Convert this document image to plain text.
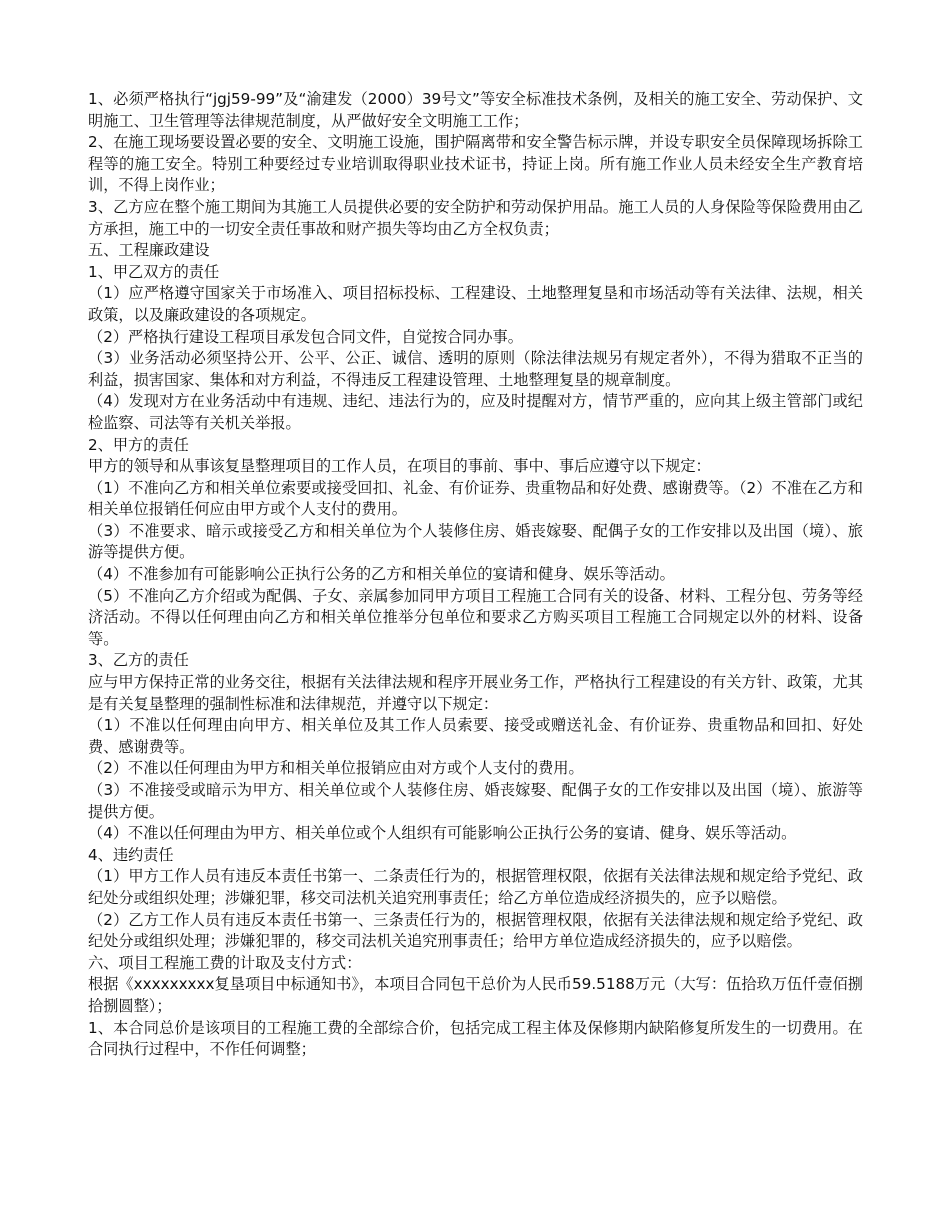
1、必须严格执行“jgj59-99”及“渝建发（2000）39号文”等安全标准技术条例，及相关的施工安全、劳动保护、文明施工、卫生管理等法律规范制度，从严做好安全文明施工工作；

2、在施工现场要设置必要的安全、文明施工设施，围护隔离带和安全警告标示牌，并设专职安全员保障现场拆除工程等的施工安全。特别工种要经过专业培训取得职业技术证书，持证上岗。所有施工作业人员未经安全生产教育培训，不得上岗作业；

3、乙方应在整个施工期间为其施工人员提供必要的安全防护和劳动保护用品。施工人员的人身保险等保险费用由乙方承担，施工中的一切安全责任事故和财产损失等均由乙方全权负责；

五、工程廉政建设

1、甲乙双方的责任

（1）应严格遵守国家关于市场准入、项目招标投标、工程建设、土地整理复垦和市场活动等有关法律、法规，相关政策，以及廉政建设的各项规定。

（2）严格执行建设工程项目承发包合同文件，自觉按合同办事。

（3）业务活动必须坚持公开、公平、公正、诚信、透明的原则（除法律法规另有规定者外），不得为猎取不正当的利益，损害国家、集体和对方利益，不得违反工程建设管理、土地整理复垦的规章制度。

（4）发现对方在业务活动中有违规、违纪、违法行为的，应及时提醒对方，情节严重的，应向其上级主管部门或纪检监察、司法等有关机关举报。

2、甲方的责任

甲方的领导和从事该复垦整理项目的工作人员，在项目的事前、事中、事后应遵守以下规定：

（1）不准向乙方和相关单位索要或接受回扣、礼金、有价证券、贵重物品和好处费、感谢费等。（2）不准在乙方和相关单位报销任何应由甲方或个人支付的费用。

（3）不准要求、暗示或接受乙方和相关单位为个人装修住房、婚丧嫁娶、配偶子女的工作安排以及出国（境）、旅游等提供方便。

（4）不准参加有可能影响公正执行公务的乙方和相关单位的宴请和健身、娱乐等活动。

（5）不准向乙方介绍或为配偶、子女、亲属参加同甲方项目工程施工合同有关的设备、材料、工程分包、劳务等经济活动。不得以任何理由向乙方和相关单位推举分包单位和要求乙方购买项目工程施工合同规定以外的材料、设备等。

3、乙方的责任

应与甲方保持正常的业务交往，根据有关法律法规和程序开展业务工作，严格执行工程建设的有关方针、政策，尤其是有关复垦整理的强制性标准和法律规范，并遵守以下规定：

（1）不准以任何理由向甲方、相关单位及其工作人员索要、接受或赠送礼金、有价证券、贵重物品和回扣、好处费、感谢费等。

（2）不准以任何理由为甲方和相关单位报销应由对方或个人支付的费用。

（3）不准接受或暗示为甲方、相关单位或个人装修住房、婚丧嫁娶、配偶子女的工作安排以及出国（境）、旅游等提供方便。

（4）不准以任何理由为甲方、相关单位或个人组织有可能影响公正执行公务的宴请、健身、娱乐等活动。

4、违约责任

（1）甲方工作人员有违反本责任书第一、二条责任行为的，根据管理权限，依据有关法律法规和规定给予党纪、政纪处分或组织处理；涉嫌犯罪，移交司法机关追究刑事责任；给乙方单位造成经济损失的，应予以赔偿。

（2）乙方工作人员有违反本责任书第一、三条责任行为的，根据管理权限，依据有关法律法规和规定给予党纪、政纪处分或组织处理；涉嫌犯罪的，移交司法机关追究刑事责任；给甲方单位造成经济损失的，应予以赔偿。

六、项目工程施工费的计取及支付方式：

根据《xxxxxxxxx复垦项目中标通知书》，本项目合同包干总价为人民币59.5188万元（大写：伍拾玖万伍仟壹佰捌拾捌圆整）；

1、本合同总价是该项目的工程施工费的全部综合价，包括完成工程主体及保修期内缺陷修复所发生的一切费用。在合同执行过程中，不作任何调整；
